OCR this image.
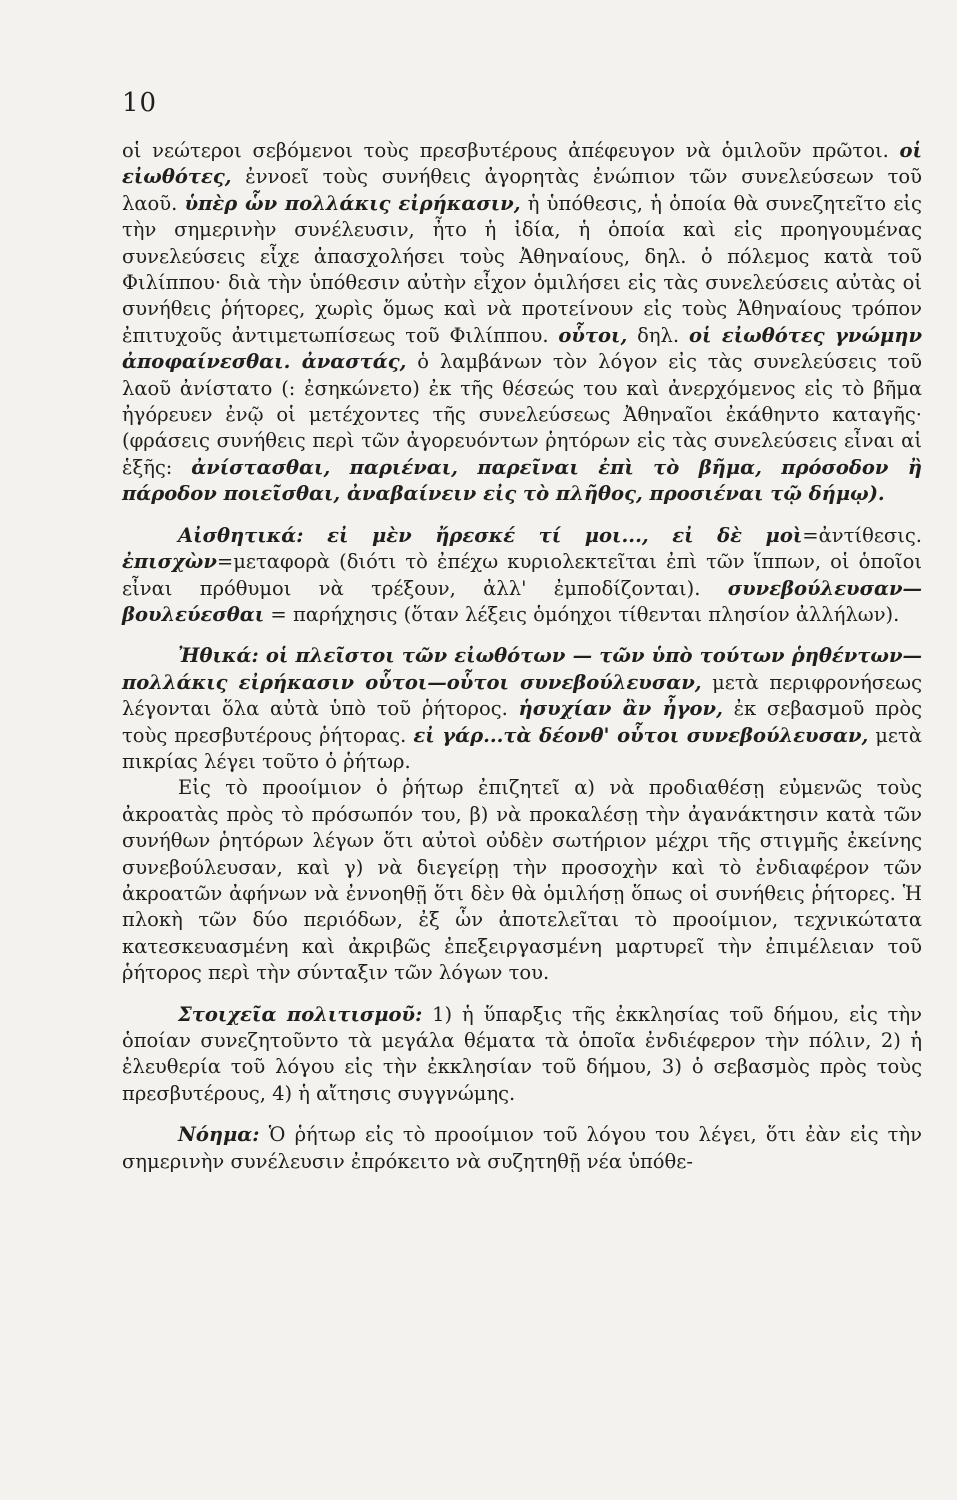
10

οἱ νεώτεροι σεβόμενοι τοὺς πρεσβυτέρους ἀπέφευγον νὰ ὁμιλοῦν πρῶτοι. οἱ εἰωθότες, ἐννοεῖ τοὺς συνήθεις ἀγορητὰς ἐνώπιον τῶν συνελεύσεων τοῦ λαοῦ. ὑπὲρ ὧν πολλάκις εἰρήκασιν, ἡ ὑπόθεσις, ἡ ὁποία θὰ συνεζητεῖτο εἰς τὴν σημερινὴν συνέλευσιν, ἦτο ἡ ἰδία, ἡ ὁποία καὶ εἰς προηγουμένας συνελεύσεις εἶχε ἀπασχολήσει τοὺς Ἀθηναίους, δηλ. ὁ πόλεμος κατὰ τοῦ Φιλίππου· διὰ τὴν ὑπόθεσιν αὐτὴν εἶχον ὁμιλήσει εἰς τὰς συνελεύσεις αὐτὰς οἱ συνήθεις ῥήτορες, χωρὶς ὅμως καὶ νὰ προτείνουν εἰς τοὺς Ἀθηναίους τρόπον ἐπιτυχοῦς ἀντιμετωπίσεως τοῦ Φιλίππου. οὗτοι, δηλ. οἱ εἰωθότες γνώμην ἀποφαίνεσθαι. ἀναστάς, ὁ λαμβάνων τὸν λόγον εἰς τὰς συνελεύσεις τοῦ λαοῦ ἀνίστατο (: ἐσηκώνετο) ἐκ τῆς θέσεώς του καὶ ἀνερχόμενος εἰς τὸ βῆμα ἠγόρευεν ἐνῷ οἱ μετέχοντες τῆς συνελεύσεως Ἀθηναῖοι ἐκάθηντο καταγῆς· (φράσεις συνήθεις περὶ τῶν ἀγορευόντων ῥητόρων εἰς τὰς συνελεύσεις εἶναι αἱ ἑξῆς: ἀνίστασθαι, παριέναι, παρεῖναι ἐπὶ τὸ βῆμα, πρόσοδον ἢ πάροδον ποιεῖσθαι, ἀναβαίνειν εἰς τὸ πλῆθος, προσιέναι τῷ δήμῳ).

Αἰσθητικά: εἰ μὲν ἤρεσκέ τί μοι..., εἰ δὲ μοὶ=ἀντίθεσις. ἐπισχὼν=μεταφορὰ (διότι τὸ ἐπέχω κυριολεκτεῖται ἐπὶ τῶν ἵππων, οἱ ὁποῖοι εἶναι πρόθυμοι νὰ τρέξουν, ἀλλ' ἐμποδίζονται). συνεβούλευσαν—βουλεύεσθαι = παρήχησις (ὅταν λέξεις ὁμόηχοι τίθενται πλησίον ἀλλήλων).

Ἠθικά: οἱ πλεῖστοι τῶν εἰωθότων — τῶν ὑπὸ τούτων ῥηθέντων—πολλάκις εἰρήκασιν οὗτοι—οὗτοι συνεβούλευσαν, μετὰ περιφρονήσεως λέγονται ὅλα αὐτὰ ὑπὸ τοῦ ῥήτορος. ἡσυχίαν ἂν ἦγον, ἐκ σεβασμοῦ πρὸς τοὺς πρεσβυτέρους ῥήτορας. εἰ γάρ...τὰ δέονθ' οὗτοι συνεβούλευσαν, μετὰ πικρίας λέγει τοῦτο ὁ ῥήτωρ.

Εἰς τὸ προοίμιον ὁ ῥήτωρ ἐπιζητεῖ α) νὰ προδιαθέσῃ εὐμενῶς τοὺς ἀκροατὰς πρὸς τὸ πρόσωπόν του, β) νὰ προκαλέσῃ τὴν ἀγανάκτησιν κατὰ τῶν συνήθων ῥητόρων λέγων ὅτι αὐτοὶ οὐδὲν σωτήριον μέχρι τῆς στιγμῆς ἐκείνης συνεβούλευσαν, καὶ γ) νὰ διεγείρῃ τὴν προσοχὴν καὶ τὸ ἐνδιαφέρον τῶν ἀκροατῶν ἀφήνων νὰ ἐννοηθῇ ὅτι δὲν θὰ ὁμιλήσῃ ὅπως οἱ συνήθεις ῥήτορες. Ἡ πλοκὴ τῶν δύο περιόδων, ἐξ ὧν ἀποτελεῖται τὸ προοίμιον, τεχνικώτατα κατεσκευασμένη καὶ ἀκριβῶς ἐπεξειργασμένη μαρτυρεῖ τὴν ἐπιμέλειαν τοῦ ῥήτορος περὶ τὴν σύνταξιν τῶν λόγων του.

Στοιχεῖα πολιτισμοῦ: 1) ἡ ὕπαρξις τῆς ἐκκλησίας τοῦ δήμου, εἰς τὴν ὁποίαν συνεζητοῦντο τὰ μεγάλα θέματα τὰ ὁποῖα ἐνδιέφερον τὴν πόλιν, 2) ἡ ἐλευθερία τοῦ λόγου εἰς τὴν ἐκκλησίαν τοῦ δήμου, 3) ὁ σεβασμὸς πρὸς τοὺς πρεσβυτέρους, 4) ἡ αἴτησις συγγνώμης.

Νόημα: Ὁ ῥήτωρ εἰς τὸ προοίμιον τοῦ λόγου του λέγει, ὅτι ἐὰν εἰς τὴν σημερινὴν συνέλευσιν ἐπρόκειτο νὰ συζητηθῇ νέα ὑπόθε-
